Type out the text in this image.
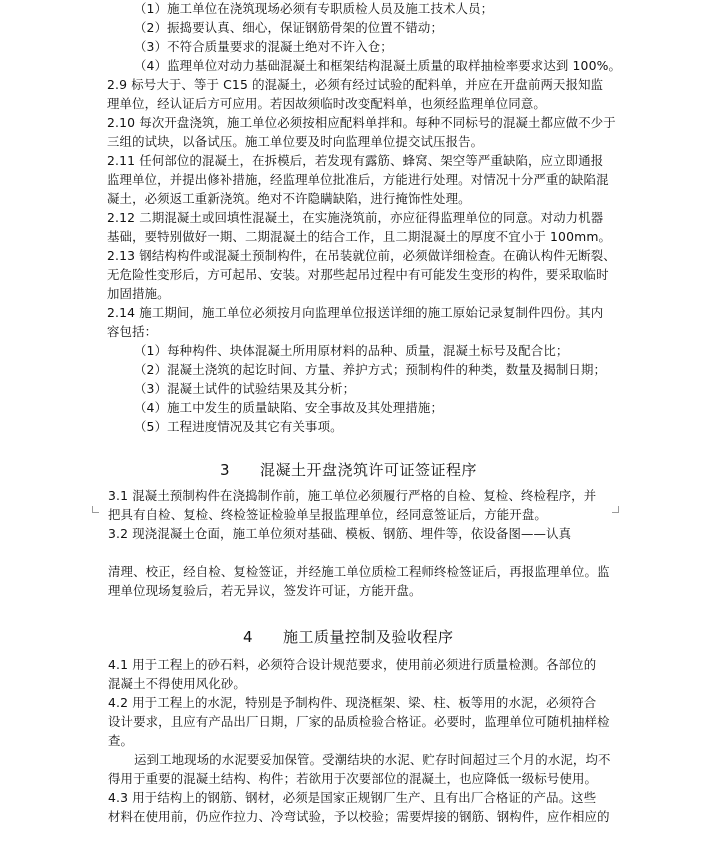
（1）施工单位在浇筑现场必须有专职质检人员及施工技术人员；
（2）振捣要认真、细心，保证钢筋骨架的位置不错动；
（3）不符合质量要求的混凝土绝对不许入仓；
（4）监理单位对动力基础混凝土和框架结构混凝土质量的取样抽检率要求达到 100%。
2.9 标号大于、等于 C15 的混凝土，必须有经过试验的配料单，并应在开盘前两天报知监
理单位，经认证后方可应用。若因故须临时改变配料单，也须经监理单位同意。
2.10 每次开盘浇筑，施工单位必须按相应配料单拌和。每种不同标号的混凝土都应做不少于
三组的试块，以备试压。施工单位要及时向监理单位提交试压报告。
2.11 任何部位的混凝土，在拆模后，若发现有露筋、蜂窝、架空等严重缺陷，应立即通报
监理单位，并提出修补措施，经监理单位批准后，方能进行处理。对情况十分严重的缺陷混
凝土，必须返工重新浇筑。绝对不许隐瞒缺陷，进行掩饰性处理。
2.12 二期混凝土或回填性混凝土，在实施浇筑前，亦应征得监理单位的同意。对动力机器
基础，要特别做好一期、二期混凝土的结合工作，且二期混凝土的厚度不宜小于 100mm。
2.13 钢结构构件或混凝土预制构件，在吊装就位前，必须做详细检查。在确认构件无断裂、
无危险性变形后，方可起吊、安装。对那些起吊过程中有可能发生变形的构件，要采取临时
加固措施。
2.14 施工期间，施工单位必须按月向监理单位报送详细的施工原始记录复制件四份。其内
容包括：
（1）每种构件、块体混凝土所用原材料的品种、质量，混凝土标号及配合比；
（2）混凝土浇筑的起讫时间、方量、养护方式；预制构件的种类，数量及揭制日期；
（3）混凝土试件的试验结果及其分析；
（4）施工中发生的质量缺陷、安全事故及其处理措施；
（5）工程进度情况及其它有关事项。
3 混凝土开盘浇筑许可证签证程序
3.1 混凝土预制构件在浇捣制作前，施工单位必须履行严格的自检、复检、终检程序，并
把具有自检、复检、终检签证检验单呈报监理单位，经同意签证后，方能开盘。
3.2 现浇混凝土仓面，施工单位须对基础、模板、钢筋、埋件等，依设备图——认真
清理、校正，经自检、复检签证，并经施工单位质检工程师终检签证后，再报监理单位。监
理单位现场复验后，若无异议，签发许可证，方能开盘。
4 施工质量控制及验收程序
4.1 用于工程上的砂石料，必须符合设计规范要求，使用前必须进行质量检测。各部位的
混凝土不得使用风化砂。
4.2 用于工程上的水泥，特别是予制构件、现浇框架、梁、柱、板等用的水泥，必须符合
设计要求，且应有产品出厂日期，厂家的品质检验合格证。必要时，监理单位可随机抽样检
查。
运到工地现场的水泥要妥加保管。受潮结块的水泥、贮存时间超过三个月的水泥，均不
得用于重要的混凝土结构、构件；若欲用于次要部位的混凝土，也应降低一级标号使用。
4.3 用于结构上的钢筋、钢材，必须是国家正规钢厂生产、且有出厂合格证的产品。这些
材料在使用前，仍应作拉力、冷弯试验，予以校验；需要焊接的钢筋、钢构件，应作相应的
